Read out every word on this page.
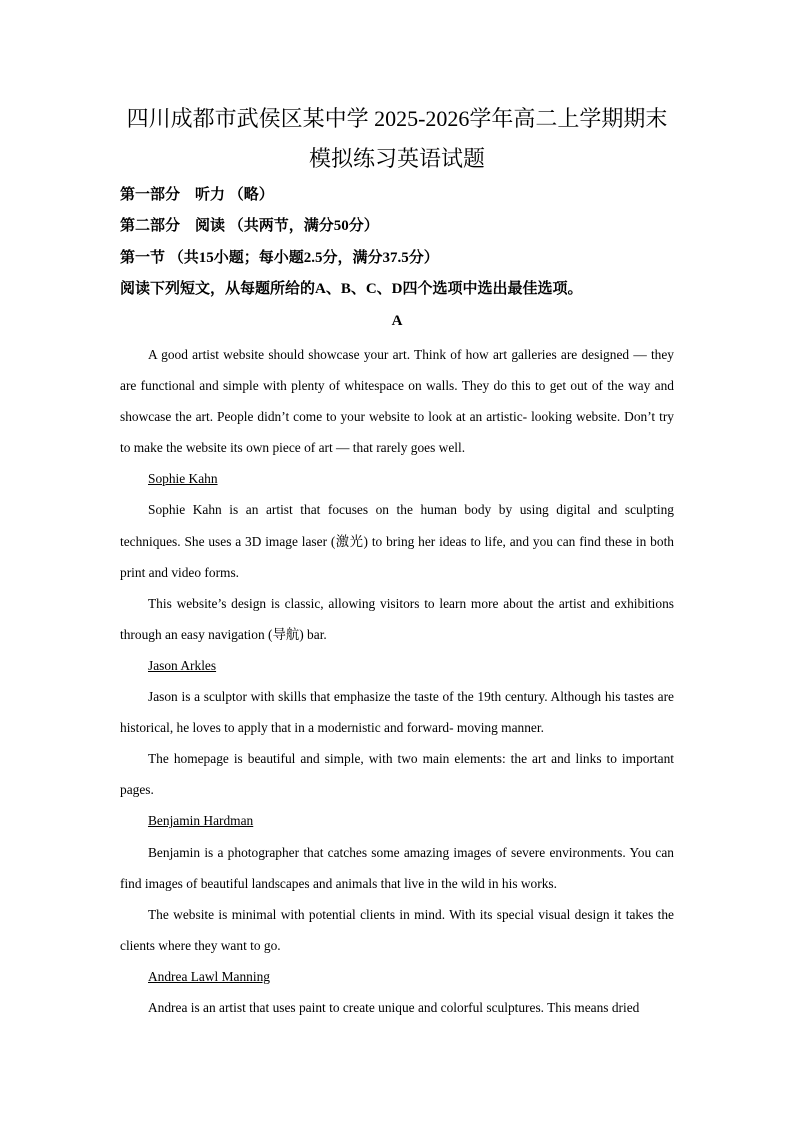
四川成都市武侯区某中学 2025-2026学年高二上学期期末
模拟练习英语试题
第一部分　听力 （略）
第二部分　阅读 （共两节，满分50分）
第一节 （共15小题；每小题2.5分，满分37.5分）
阅读下列短文，从每题所给的A、B、C、D四个选项中选出最佳选项。
A

A good artist website should showcase your art. Think of how art galleries are designed — they are functional and simple with plenty of whitespace on walls. They do this to get out of the way and showcase the art. People didn’t come to your website to look at an artistic- looking website. Don’t try to make the website its own piece of art — that rarely goes well.

Sophie Kahn

Sophie Kahn is an artist that focuses on the human body by using digital and sculpting techniques. She uses a 3D image laser (激光) to bring her ideas to life, and you can find these in both print and video forms.

This website’s design is classic, allowing visitors to learn more about the artist and exhibitions through an easy navigation (导航) bar.

Jason Arkles

Jason is a sculptor with skills that emphasize the taste of the 19th century. Although his tastes are historical, he loves to apply that in a modernistic and forward- moving manner.

The homepage is beautiful and simple, with two main elements: the art and links to important pages.

Benjamin Hardman

Benjamin is a photographer that catches some amazing images of severe environments. You can find images of beautiful landscapes and animals that live in the wild in his works.

The website is minimal with potential clients in mind. With its special visual design it takes the clients where they want to go.

Andrea Lawl Manning

Andrea is an artist that uses paint to create unique and colorful sculptures. This means dried
